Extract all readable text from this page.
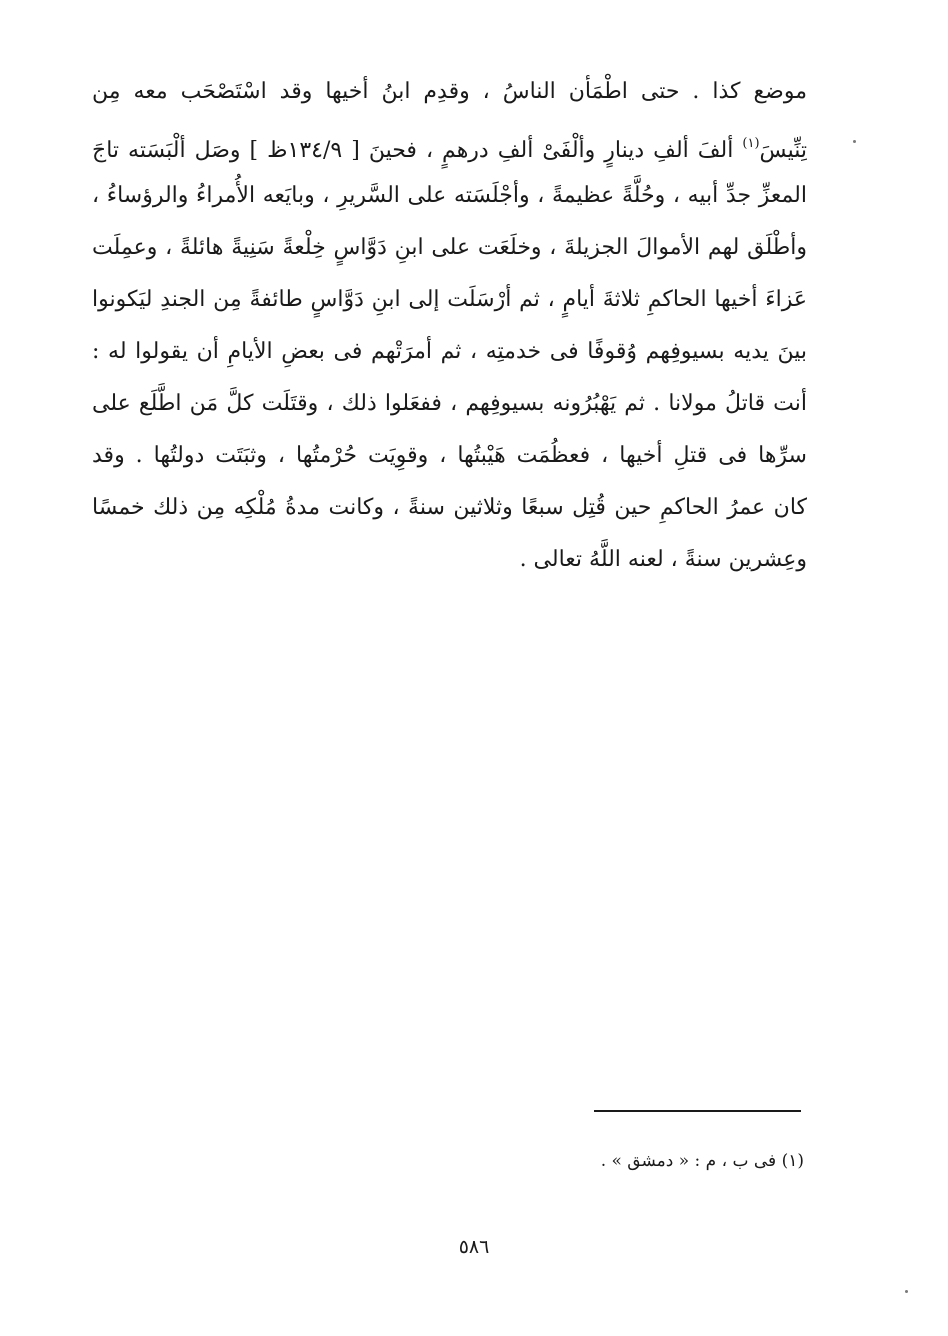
موضع كذا . حتى اطْمَأن الناسُ ، وقدِم ابنُ أخيها وقد اسْتَصْحَب معه مِن
تِنِّيسَ$^{(١)}$ ألفَ ألفِ دينارٍ وألْفَىْ ألفِ درهمٍ ، فحينَ [ ١٣٤/٩ظ ] وصَل ألْبَسَته تاجَ
المعزِّ جدِّ أبيه ، وحُلَّةً عظيمةً ، وأجْلَسَته على السَّريرِ ، وبايَعه الأُمراءُ والرؤساءُ ،
وأطْلَق لهم الأموالَ الجزيلةَ ، وخلَعَت على ابنِ دَوَّاسٍ خِلْعةً سَنِيةً هائلةً ، وعمِلَت
عَزاءَ أخيها الحاكمِ ثلاثةَ أيامٍ ، ثم أرْسَلَت إلى ابنِ دَوَّاسٍ طائفةً مِن الجندِ ليَكونوا
بينَ يديه بسيوفِهم وُقوفًا فى خدمتِه ، ثم أمرَتْهم فى بعضِ الأيامِ أن يقولوا له :
أنت قاتلُ مولانا . ثم يَهْبُرُونه بسيوفِهم ، ففعَلوا ذلك ، وقتَلَت كلَّ مَن اطَّلَع على
سرِّها فى قتلِ أخيها ، فعظُمَت هَيْبتُها ، وقوِيَت حُرْمتُها ، وثبَتَت دولتُها . وقد
كان عمرُ الحاكمِ حين قُتِل سبعًا وثلاثين سنةً ، وكانت مدةُ مُلْكِه مِن ذلك خمسًا
وعِشرين سنةً ، لعنه اللَّهُ تعالى .
(١) فى ب ، م : « دمشق » .
٥٨٦
